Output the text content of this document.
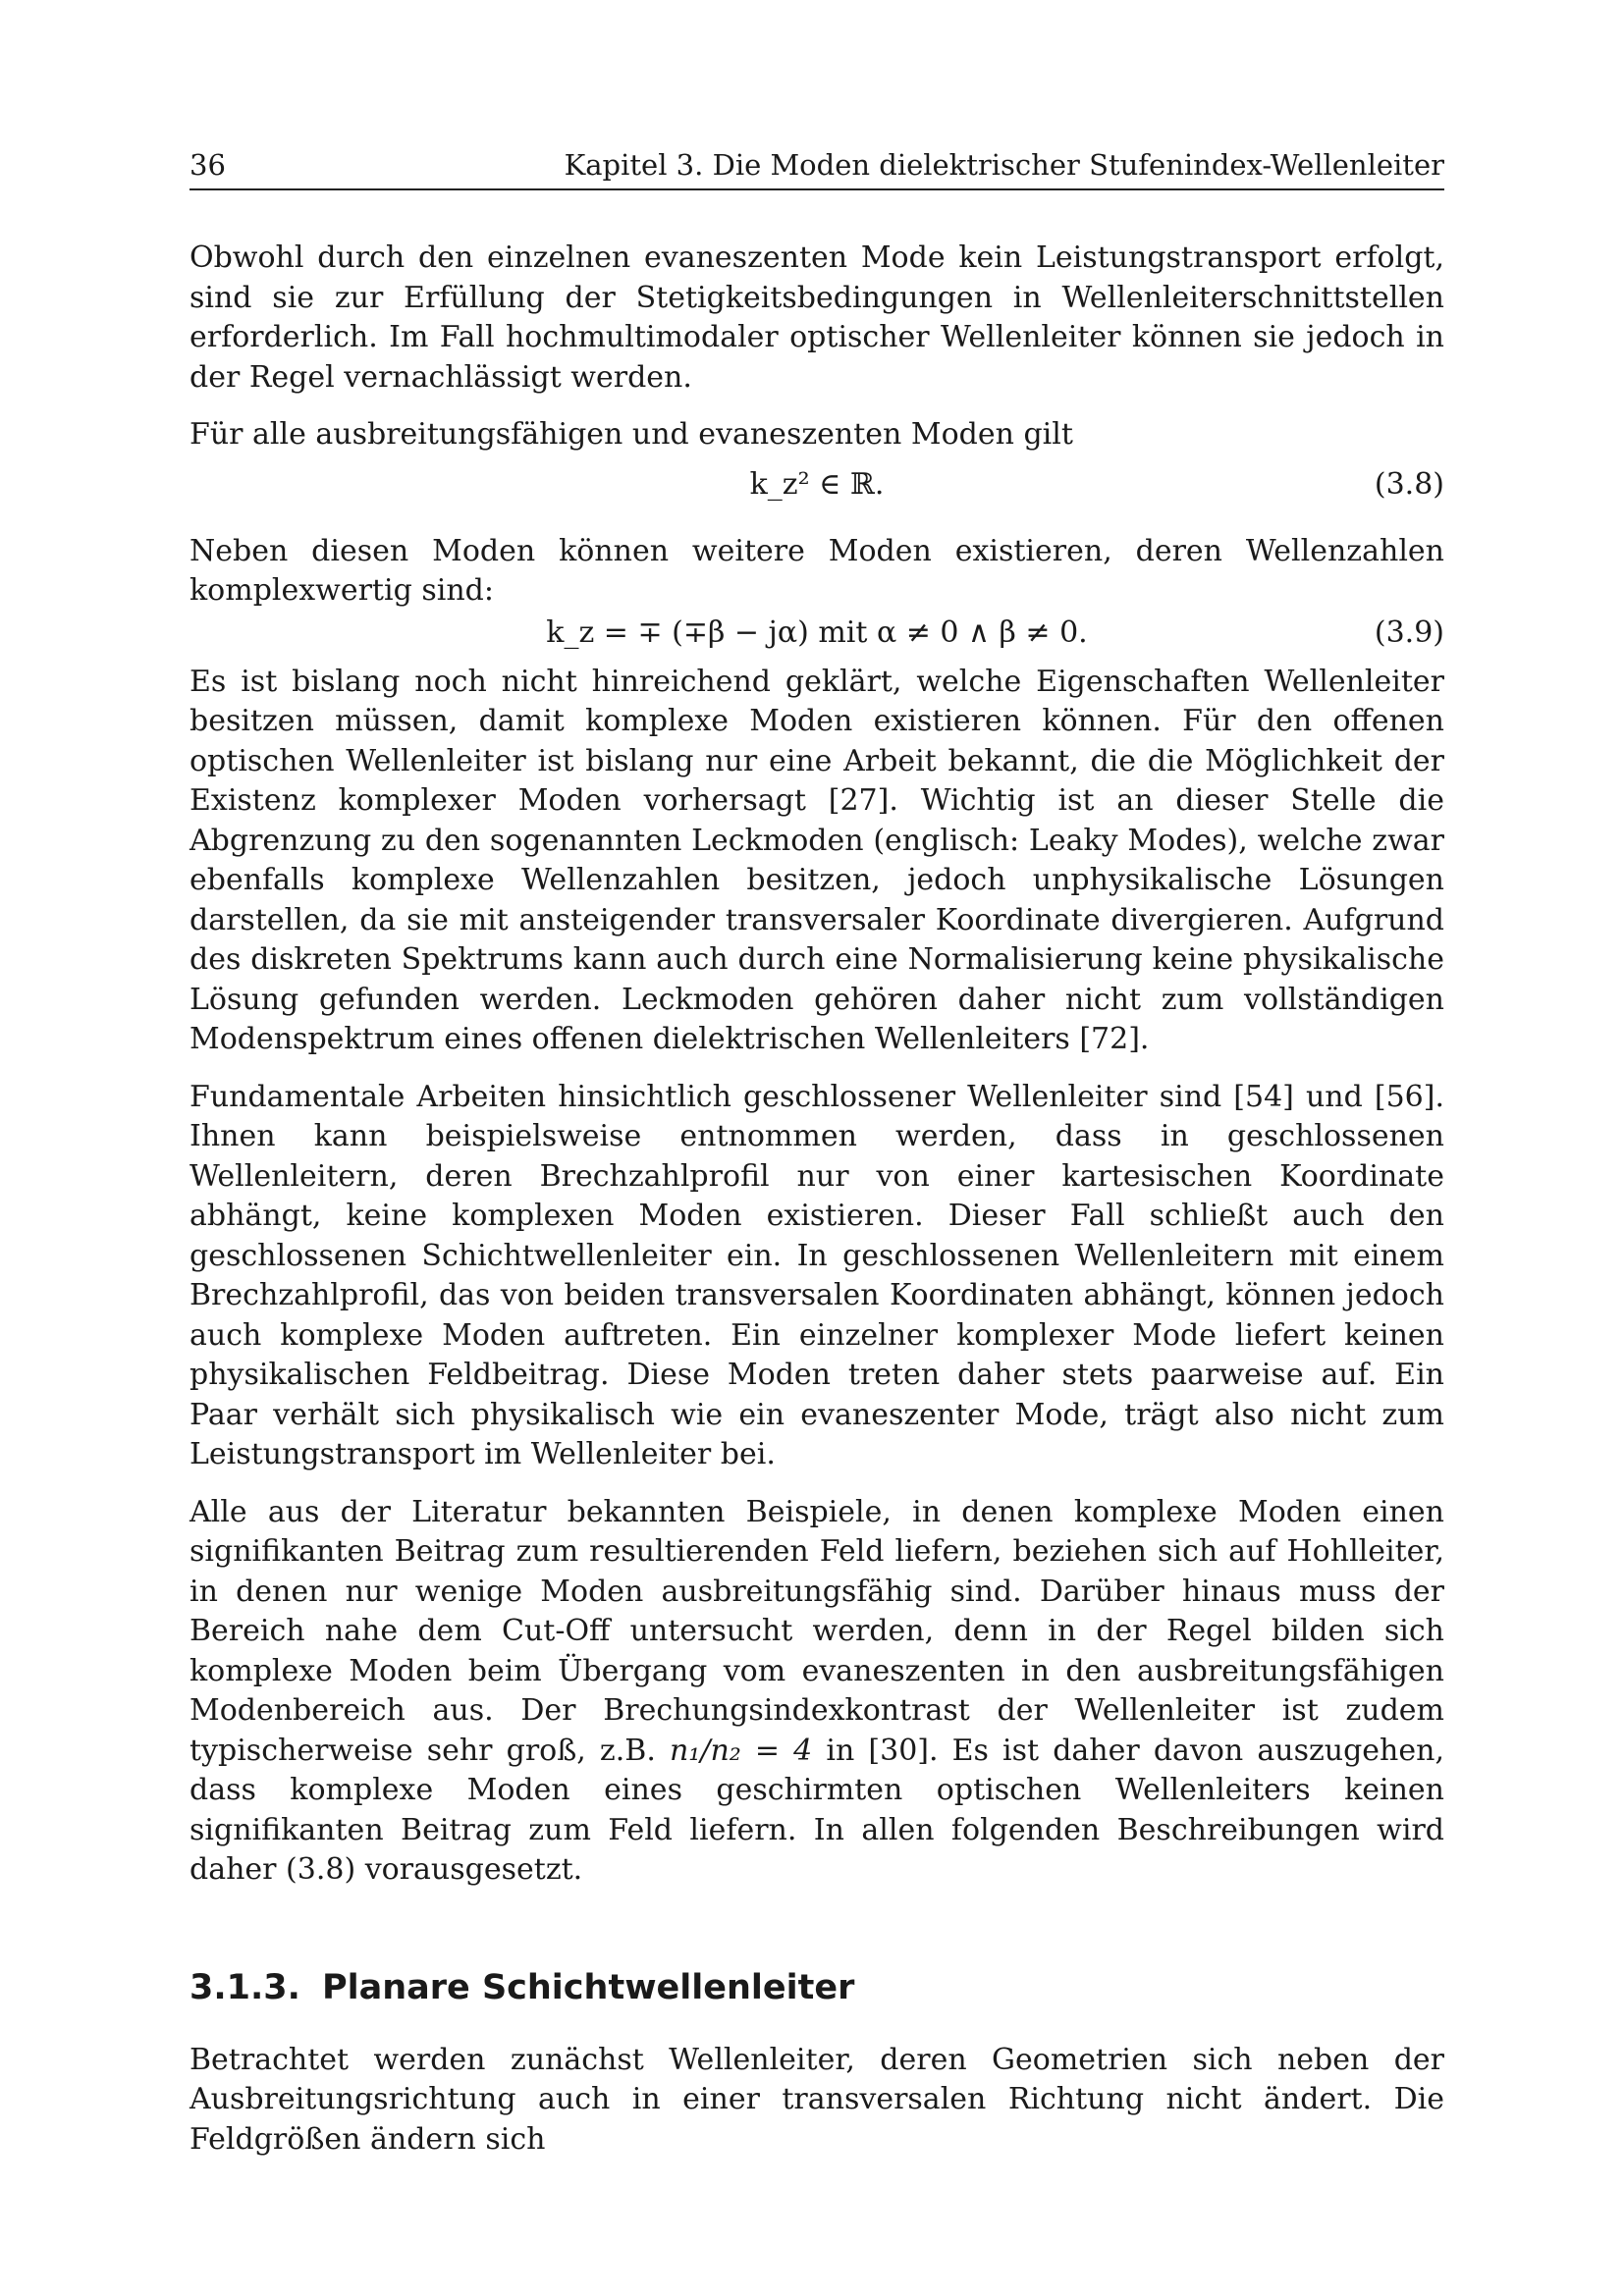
36	Kapitel 3. Die Moden dielektrischer Stufenindex-Wellenleiter

Obwohl durch den einzelnen evaneszenten Mode kein Leistungstransport erfolgt, sind sie zur Erfüllung der Stetigkeitsbedingungen in Wellenleiterschnittstellen erforderlich. Im Fall hochmultimodaler optischer Wellenleiter können sie jedoch in der Regel vernachlässigt werden.

Für alle ausbreitungsfähigen und evaneszenten Moden gilt

k_z² ∈ ℝ.	(3.8)

Neben diesen Moden können weitere Moden existieren, deren Wellenzahlen komplexwertig sind:

k_z = ∓ (∓β − jα) mit α ≠ 0 ∧ β ≠ 0.	(3.9)

Es ist bislang noch nicht hinreichend geklärt, welche Eigenschaften Wellenleiter besitzen müssen, damit komplexe Moden existieren können. Für den offenen optischen Wellenleiter ist bislang nur eine Arbeit bekannt, die die Möglichkeit der Existenz komplexer Moden vorhersagt [27]. Wichtig ist an dieser Stelle die Abgrenzung zu den sogenannten Leckmoden (englisch: Leaky Modes), welche zwar ebenfalls komplexe Wellenzahlen besitzen, jedoch unphysikalische Lösungen darstellen, da sie mit ansteigender transversaler Koordinate divergieren. Aufgrund des diskreten Spektrums kann auch durch eine Normalisierung keine physikalische Lösung gefunden werden. Leckmoden gehören daher nicht zum vollständigen Modenspektrum eines offenen dielektrischen Wellenleiters [72].

Fundamentale Arbeiten hinsichtlich geschlossener Wellenleiter sind [54] und [56]. Ihnen kann beispielsweise entnommen werden, dass in geschlossenen Wellenleitern, deren Brechzahlprofil nur von einer kartesischen Koordinate abhängt, keine komplexen Moden existieren. Dieser Fall schließt auch den geschlossenen Schichtwellenleiter ein. In geschlossenen Wellenleitern mit einem Brechzahlprofil, das von beiden transversalen Koordinaten abhängt, können jedoch auch komplexe Moden auftreten. Ein einzelner komplexer Mode liefert keinen physikalischen Feldbeitrag. Diese Moden treten daher stets paarweise auf. Ein Paar verhält sich physikalisch wie ein evaneszenter Mode, trägt also nicht zum Leistungstransport im Wellenleiter bei.

Alle aus der Literatur bekannten Beispiele, in denen komplexe Moden einen signifikanten Beitrag zum resultierenden Feld liefern, beziehen sich auf Hohlleiter, in denen nur wenige Moden ausbreitungsfähig sind. Darüber hinaus muss der Bereich nahe dem Cut-Off untersucht werden, denn in der Regel bilden sich komplexe Moden beim Übergang vom evaneszenten in den ausbreitungsfähigen Modenbereich aus. Der Brechungsindexkontrast der Wellenleiter ist zudem typischerweise sehr groß, z.B. n₁/n₂ = 4 in [30]. Es ist daher davon auszugehen, dass komplexe Moden eines geschirmten optischen Wellenleiters keinen signifikanten Beitrag zum Feld liefern. In allen folgenden Beschreibungen wird daher (3.8) vorausgesetzt.

3.1.3. Planare Schichtwellenleiter

Betrachtet werden zunächst Wellenleiter, deren Geometrien sich neben der Ausbreitungsrichtung auch in einer transversalen Richtung nicht ändert. Die Feldgrößen ändern sich
